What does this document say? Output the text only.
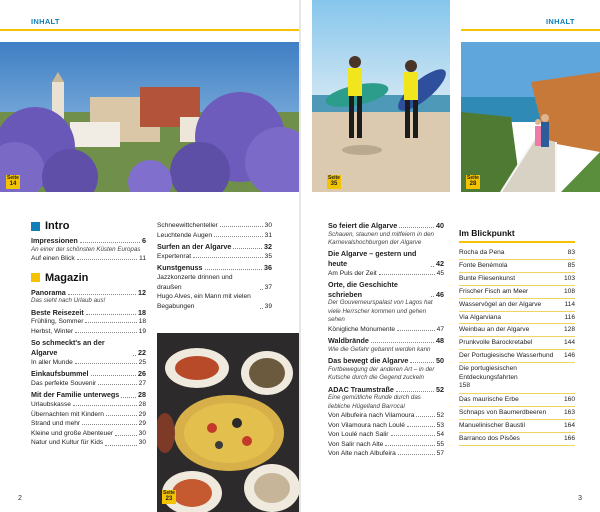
INHALT
Seite
14
Intro
Impressionen	6
An einer der schönsten Küsten Europas
Auf einen Blick	11
Magazin
Panorama	12
Das sieht nach Urlaub aus!
Beste Reisezeit	18
Frühling, Sommer	18
Herbst, Winter	19
So schmeckt's an der Algarve	22
In aller Munde	25
Einkaufsbummel	26
Das perfekte Souvenir	27
Mit der Familie unterwegs	28
Urlaubskasse	28
Übernachten mit Kindern	29
Strand und mehr	29
Kleine und große Abenteuer	30
Natur und Kultur für Kids	30
Schneewittchenteller	30
Leuchtende Augen	31
Surfen an der Algarve	32
Expertenrat	35
Kunstgenuss	36
Jazzkonzerte drinnen und draußen	37
Hugo Alves, ein Mann mit vielen Begabungen	39
Seite
23
2
Seite
35
INHALT
Seite
28
So feiert die Algarve	40
Schauen, staunen und mitfeiern in den Karnevalshochburgen der Algarve
Die Algarve – gestern und heute	42
Am Puls der Zeit	45
Orte, die Geschichte schrieben	46
Der Gouverneurspalast von Lagos hat viele Herrscher kommen und gehen sehen
Königliche Monumente	47
Waldbrände	48
Wie die Gefahr gebannt werden kann
Das bewegt die Algarve	50
Fortbewegung der anderen Art – in der Kutsche durch die Gegend zuckeln
ADAC Traumstraße	52
Eine gemütliche Runde durch das liebliche Hügelland Barrocal
Von Albufeira nach Vilamoura	52
Von Vilamoura nach Loulé	53
Von Loulé nach Salir	54
Von Salir nach Alte	55
Von Alte nach Albufeira	57
Im Blickpunkt
Rocha da Pena	83
Fonte Benémola	85
Bunte Fliesenkunst	103
Frischer Fisch am Meer	108
Wasservögel an der Algarve	114
Via Algarviana	116
Weinbau an der Algarve	128
Prunkvolle Barockretabel	144
Der Portugiesische Wasserhund	146
Die portugiesischen Entdeckungsfahrten
158
Das maurische Erbe	160
Schnaps von Baumerdbeeren	163
Manuelinischer Baustil	164
Barranco dos Pisões	166
3
